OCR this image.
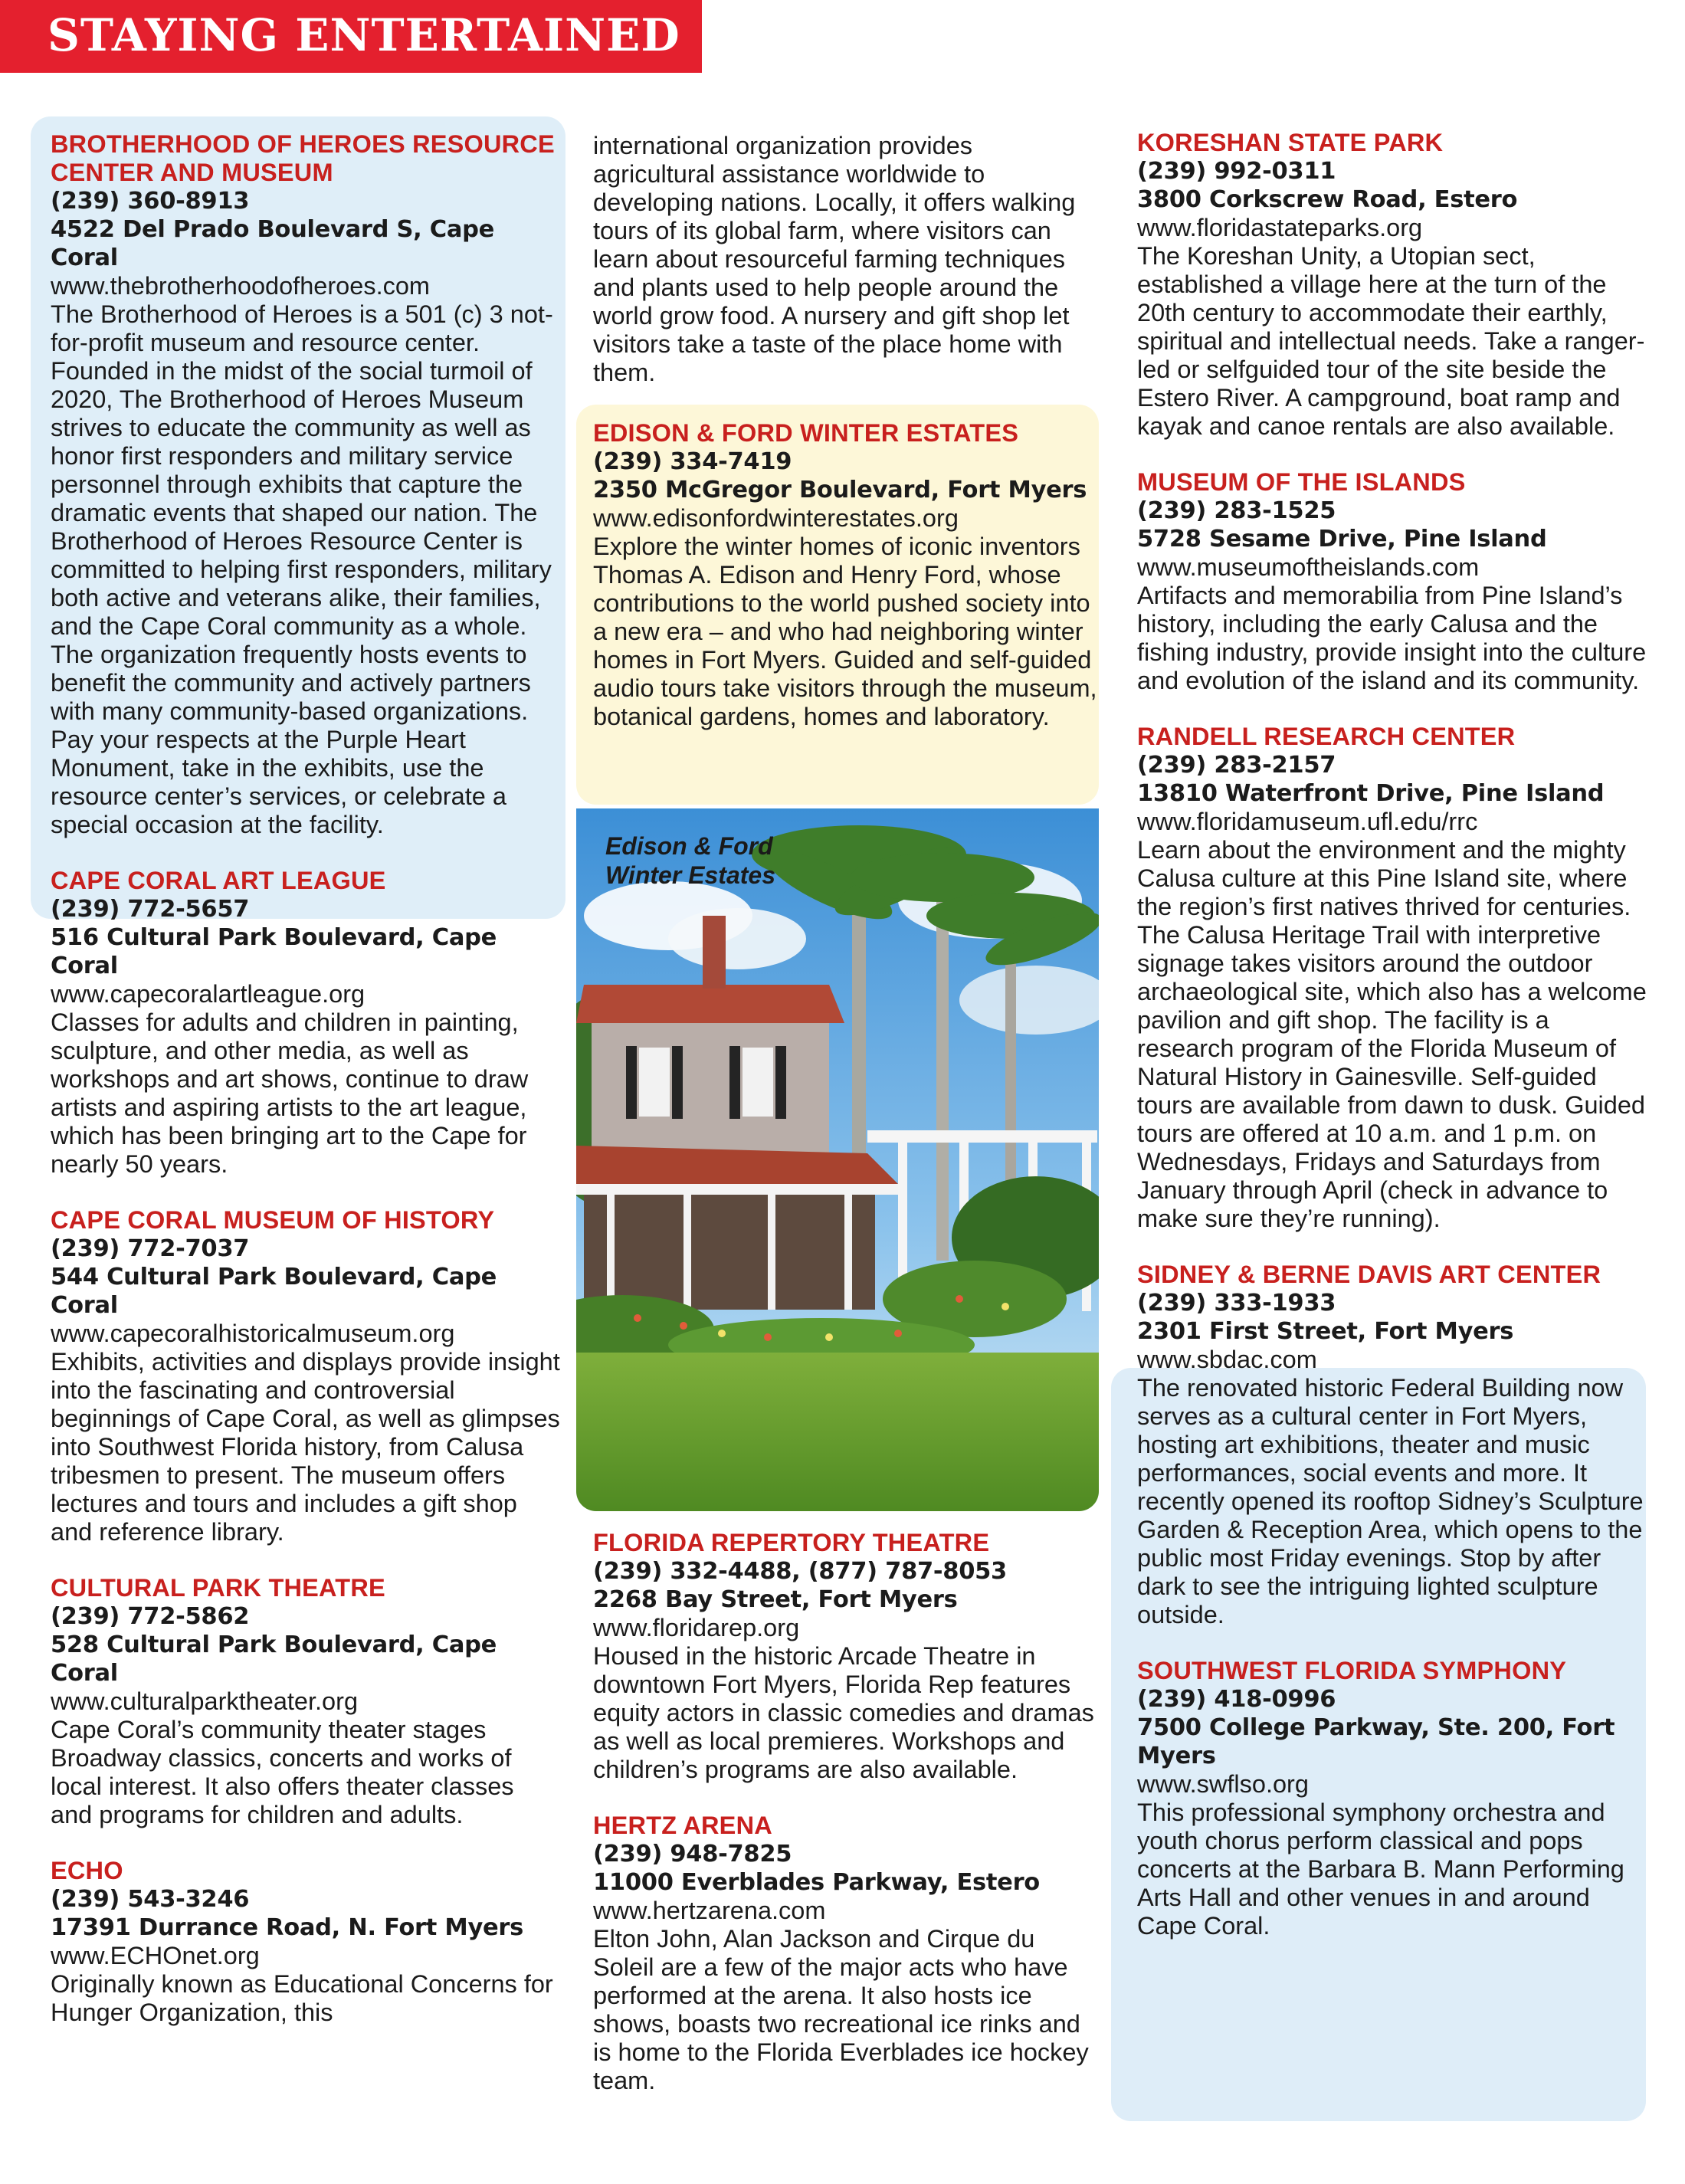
STAYING ENTERTAINED
BROTHERHOOD OF HEROES RESOURCE CENTER AND MUSEUM
(239) 360-8913
4522 Del Prado Boulevard S, Cape Coral
www.thebrotherhoodofheroes.com
The Brotherhood of Heroes is a 501 (c) 3 not-for-profit museum and resource center. Founded in the midst of the social turmoil of 2020, The Brotherhood of Heroes Museum strives to educate the community as well as honor first responders and military service personnel through exhibits that capture the dramatic events that shaped our nation. The Brotherhood of Heroes Resource Center is committed to helping first responders, military both active and veterans alike, their families, and the Cape Coral community as a whole. The organization frequently hosts events to benefit the community and actively partners with many community-based organizations. Pay your respects at the Purple Heart Monument, take in the exhibits, use the resource center’s services, or celebrate a special occasion at the facility.
CAPE CORAL ART LEAGUE
(239) 772-5657
516 Cultural Park Boulevard, Cape Coral
www.capecoralartleague.org
Classes for adults and children in painting, sculpture, and other media, as well as workshops and art shows, continue to draw artists and aspiring artists to the art league, which has been bringing art to the Cape for nearly 50 years.
CAPE CORAL MUSEUM OF HISTORY
(239) 772-7037
544 Cultural Park Boulevard, Cape Coral
www.capecoralhistoricalmuseum.org
Exhibits, activities and displays provide insight into the fascinating and controversial beginnings of Cape Coral, as well as glimpses into Southwest Florida history, from Calusa tribesmen to present. The museum offers lectures and tours and includes a gift shop and reference library.
CULTURAL PARK THEATRE
(239) 772-5862
528 Cultural Park Boulevard, Cape Coral
www.culturalparktheater.org
Cape Coral’s community theater stages Broadway classics, concerts and works of local interest. It also offers theater classes and programs for children and adults.
ECHO
(239) 543-3246
17391 Durrance Road, N. Fort Myers
www.ECHOnet.org
Originally known as Educational Concerns for Hunger Organization, this
international organization provides agricultural assistance worldwide to developing nations. Locally, it offers walking tours of its global farm, where visitors can learn about resourceful farming techniques and plants used to help people around the world grow food. A nursery and gift shop let visitors take a taste of the place home with them.
EDISON & FORD WINTER ESTATES
(239) 334-7419
2350 McGregor Boulevard, Fort Myers
www.edisonfordwinterestates.org
Explore the winter homes of iconic inventors Thomas A. Edison and Henry Ford, whose contributions to the world pushed society into a new era – and who had neighboring winter homes in Fort Myers. Guided and self-guided audio tours take visitors through the museum, botanical gardens, homes and laboratory.
Edison & Ford
Winter Estates
FLORIDA REPERTORY THEATRE
(239) 332-4488, (877) 787-8053
2268 Bay Street, Fort Myers
www.floridarep.org
Housed in the historic Arcade Theatre in downtown Fort Myers, Florida Rep features equity actors in classic comedies and dramas as well as local premieres. Workshops and children’s programs are also available.
HERTZ ARENA
(239) 948-7825
11000 Everblades Parkway, Estero
www.hertzarena.com
Elton John, Alan Jackson and Cirque du Soleil are a few of the major acts who have performed at the arena. It also hosts ice shows, boasts two recreational ice rinks and is home to the Florida Everblades ice hockey team.
KORESHAN STATE PARK
(239) 992-0311
3800 Corkscrew Road, Estero
www.floridastateparks.org
The Koreshan Unity, a Utopian sect, established a village here at the turn of the 20th century to accommodate their earthly, spiritual and intellectual needs. Take a ranger-led or selfguided tour of the site beside the Estero River. A campground, boat ramp and kayak and canoe rentals are also available.
MUSEUM OF THE ISLANDS
(239) 283-1525
5728 Sesame Drive, Pine Island
www.museumoftheislands.com
Artifacts and memorabilia from Pine Island’s history, including the early Calusa and the fishing industry, provide insight into the culture and evolution of the island and its community.
RANDELL RESEARCH CENTER
(239) 283-2157
13810 Waterfront Drive, Pine Island
www.floridamuseum.ufl.edu/rrc
Learn about the environment and the mighty Calusa culture at this Pine Island site, where the region’s first natives thrived for centuries. The Calusa Heritage Trail with interpretive signage takes visitors around the outdoor archaeological site, which also has a welcome pavilion and gift shop. The facility is a research program of the Florida Museum of Natural History in Gainesville. Self-guided tours are available from dawn to dusk. Guided tours are offered at 10 a.m. and 1 p.m. on Wednesdays, Fridays and Saturdays from January through April (check in advance to make sure they’re running).
SIDNEY & BERNE DAVIS ART CENTER
(239) 333-1933
2301 First Street, Fort Myers
www.sbdac.com
The renovated historic Federal Building now serves as a cultural center in Fort Myers, hosting art exhibitions, theater and music performances, social events and more. It recently opened its rooftop Sidney’s Sculpture Garden & Reception Area, which opens to the public most Friday evenings. Stop by after dark to see the intriguing lighted sculpture outside.
SOUTHWEST FLORIDA SYMPHONY
(239) 418-0996
7500 College Parkway, Ste. 200, Fort Myers
www.swflso.org
This professional symphony orchestra and youth chorus perform classical and pops concerts at the Barbara B. Mann Performing Arts Hall and other venues in and around Cape Coral.
